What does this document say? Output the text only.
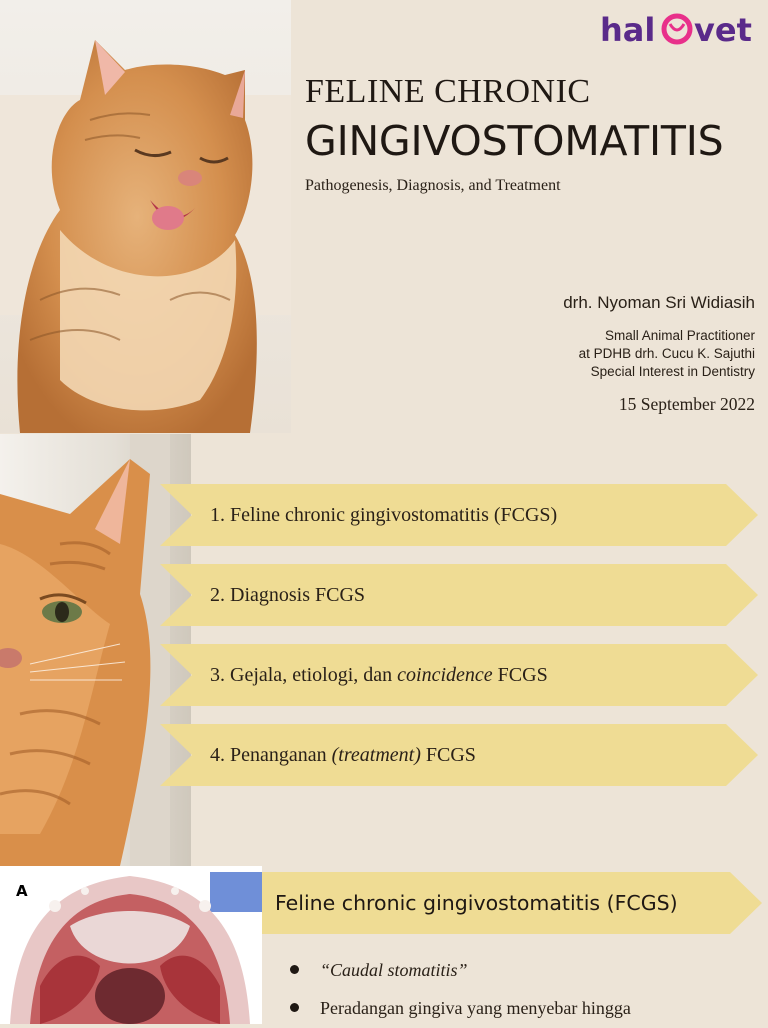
hal vet
FELINE CHRONIC
GINGIVOSTOMATITIS
Pathogenesis, Diagnosis, and Treatment
drh. Nyoman Sri Widiasih
Small Animal Practitioner
at PDHB drh. Cucu K. Sajuthi
Special Interest in Dentistry
15 September 2022
1. Feline chronic gingivostomatitis (FCGS)
2. Diagnosis FCGS
3. Gejala, etiologi, dan coincidence FCGS
4. Penanganan (treatment) FCGS
A	Feline chronic gingivostomatitis (FCGS)
“Caudal stomatitis”
Peradangan gingiva yang menyebar hingga
